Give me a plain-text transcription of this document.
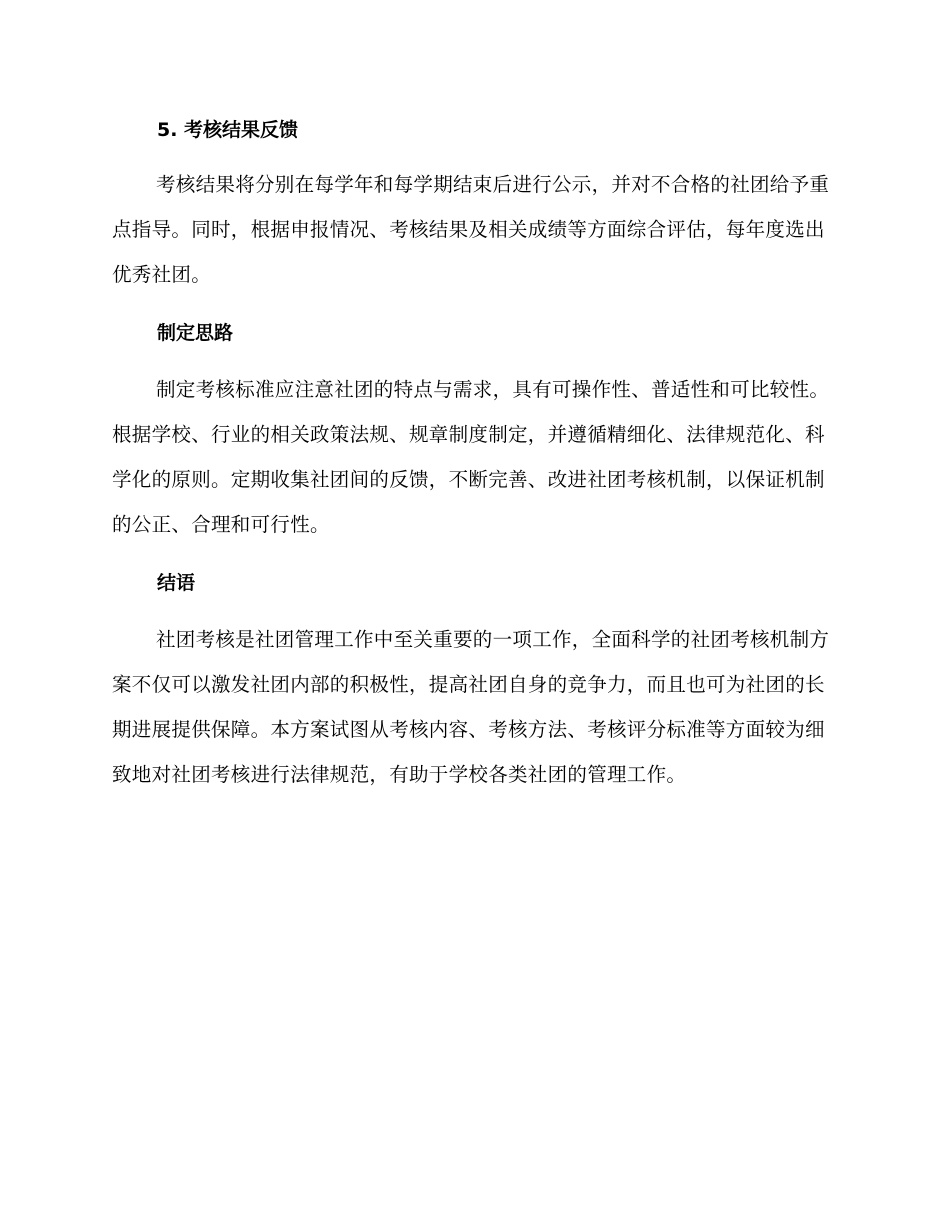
5. 考核结果反馈

考核结果将分别在每学年和每学期结束后进行公示，并对不合格的社团给予重点指导。同时，根据申报情况、考核结果及相关成绩等方面综合评估，每年度选出优秀社团。

制定思路

制定考核标准应注意社团的特点与需求，具有可操作性、普适性和可比较性。根据学校、行业的相关政策法规、规章制度制定，并遵循精细化、法律规范化、科学化的原则。定期收集社团间的反馈，不断完善、改进社团考核机制，以保证机制的公正、合理和可行性。

结语

社团考核是社团管理工作中至关重要的一项工作，全面科学的社团考核机制方案不仅可以激发社团内部的积极性，提高社团自身的竞争力，而且也可为社团的长期进展提供保障。本方案试图从考核内容、考核方法、考核评分标准等方面较为细致地对社团考核进行法律规范，有助于学校各类社团的管理工作。
